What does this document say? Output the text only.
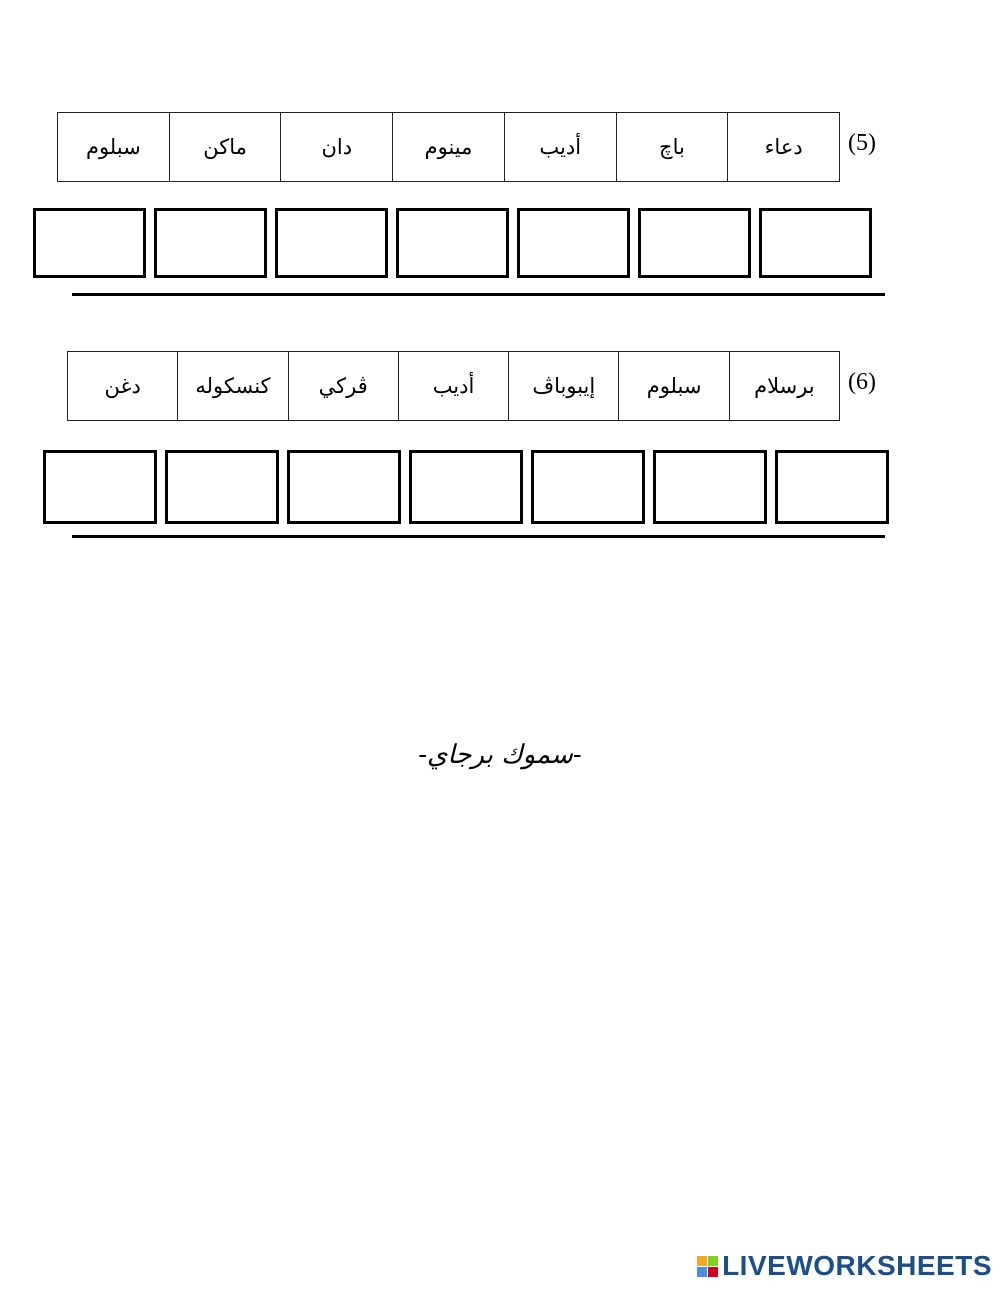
(5)
دعاء
باچ
أديب
مينوم
دان
ماكن
سبلوم
(6)
برسلام
سبلوم
إيبوباڤ
أديب
ڤركي
كنسكوله
دغن
-سموك برجاي-
LIVEWORKSHEETS
